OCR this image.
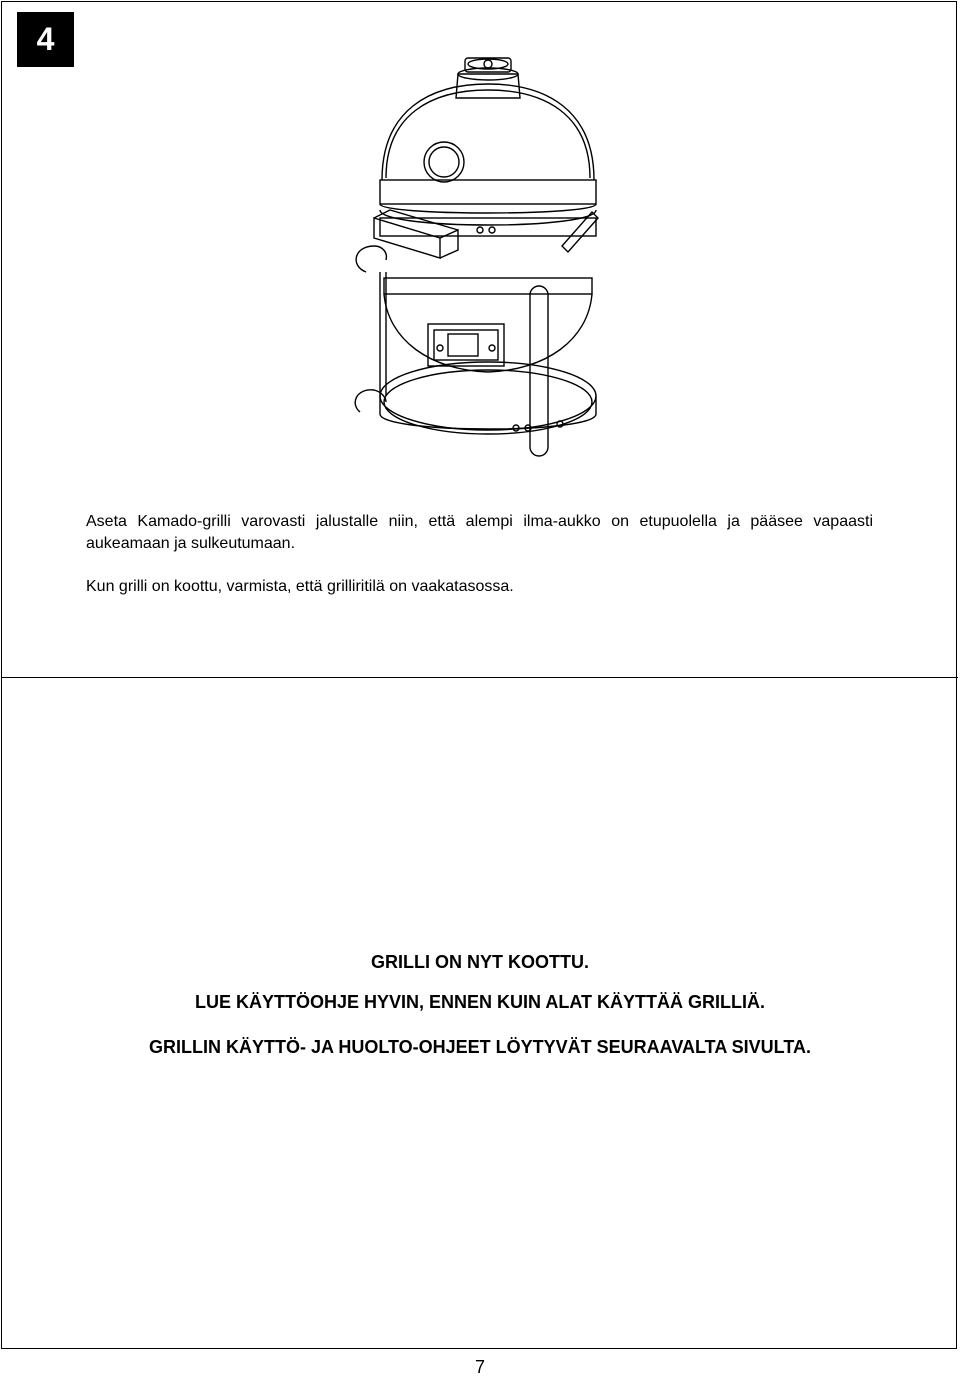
4
Aseta Kamado-grilli varovasti jalustalle niin, että alempi ilma-aukko on etupuolella ja pääsee vapaasti aukeamaan ja sulkeutumaan.
Kun grilli on koottu, varmista, että grilliritilä on vaakatasossa.
GRILLI ON NYT KOOTTU.
LUE KÄYTTÖOHJE HYVIN, ENNEN KUIN ALAT KÄYTTÄÄ GRILLIÄ.
GRILLIN KÄYTTÖ- JA HUOLTO-OHJEET LÖYTYVÄT SEURAAVALTA SIVULTA.
7
